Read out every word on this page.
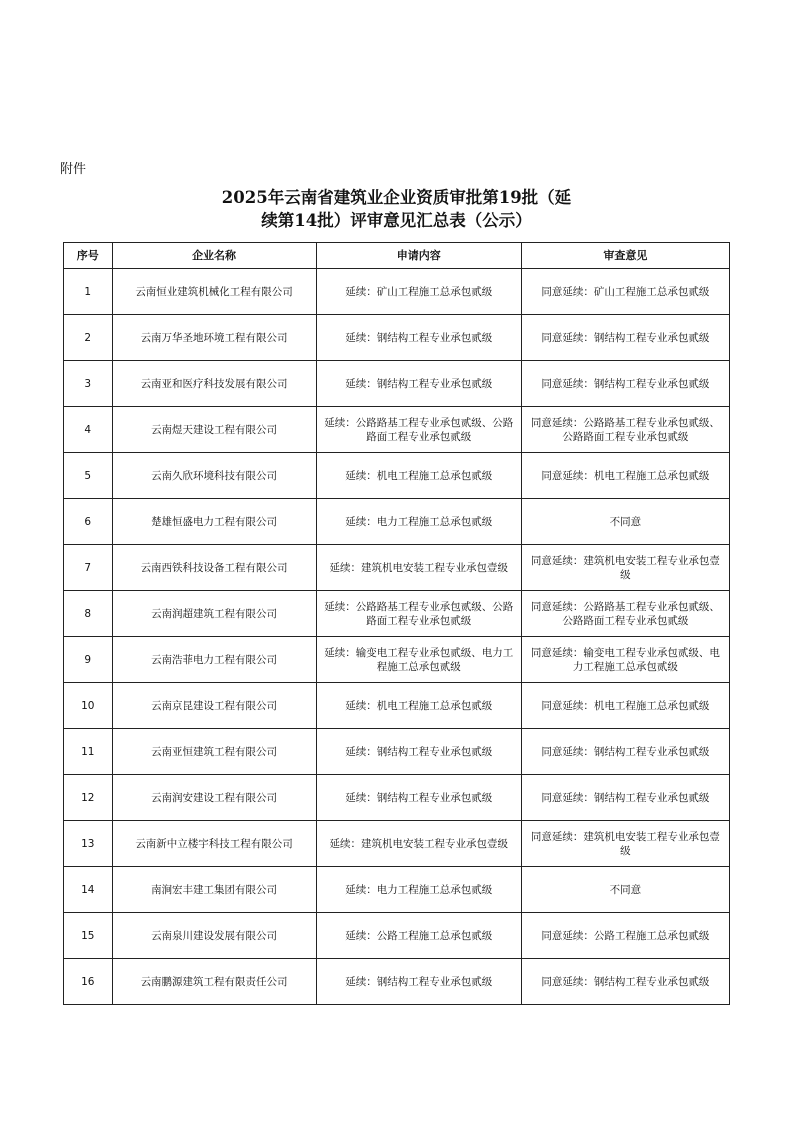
附件
2025年云南省建筑业企业资质审批第19批（延
续第14批）评审意见汇总表（公示）
序号	企业名称	申请内容	审查意见
1	云南恒业建筑机械化工程有限公司	延续：矿山工程施工总承包贰级	同意延续：矿山工程施工总承包贰级
2	云南万华圣地环境工程有限公司	延续：钢结构工程专业承包贰级	同意延续：钢结构工程专业承包贰级
3	云南亚和医疗科技发展有限公司	延续：钢结构工程专业承包贰级	同意延续：钢结构工程专业承包贰级
4	云南煜天建设工程有限公司	延续：公路路基工程专业承包贰级、公路路面工程专业承包贰级	同意延续：公路路基工程专业承包贰级、公路路面工程专业承包贰级
5	云南久欣环境科技有限公司	延续：机电工程施工总承包贰级	同意延续：机电工程施工总承包贰级
6	楚雄恒盛电力工程有限公司	延续：电力工程施工总承包贰级	不同意
7	云南西铁科技设备工程有限公司	延续：建筑机电安装工程专业承包壹级	同意延续：建筑机电安装工程专业承包壹级
8	云南润超建筑工程有限公司	延续：公路路基工程专业承包贰级、公路路面工程专业承包贰级	同意延续：公路路基工程专业承包贰级、公路路面工程专业承包贰级
9	云南浩菲电力工程有限公司	延续：输变电工程专业承包贰级、电力工程施工总承包贰级	同意延续：输变电工程专业承包贰级、电力工程施工总承包贰级
10	云南京昆建设工程有限公司	延续：机电工程施工总承包贰级	同意延续：机电工程施工总承包贰级
11	云南亚恒建筑工程有限公司	延续：钢结构工程专业承包贰级	同意延续：钢结构工程专业承包贰级
12	云南润安建设工程有限公司	延续：钢结构工程专业承包贰级	同意延续：钢结构工程专业承包贰级
13	云南新中立楼宇科技工程有限公司	延续：建筑机电安装工程专业承包壹级	同意延续：建筑机电安装工程专业承包壹级
14	南涧宏丰建工集团有限公司	延续：电力工程施工总承包贰级	不同意
15	云南泉川建设发展有限公司	延续：公路工程施工总承包贰级	同意延续：公路工程施工总承包贰级
16	云南鹏源建筑工程有限责任公司	延续：钢结构工程专业承包贰级	同意延续：钢结构工程专业承包贰级
